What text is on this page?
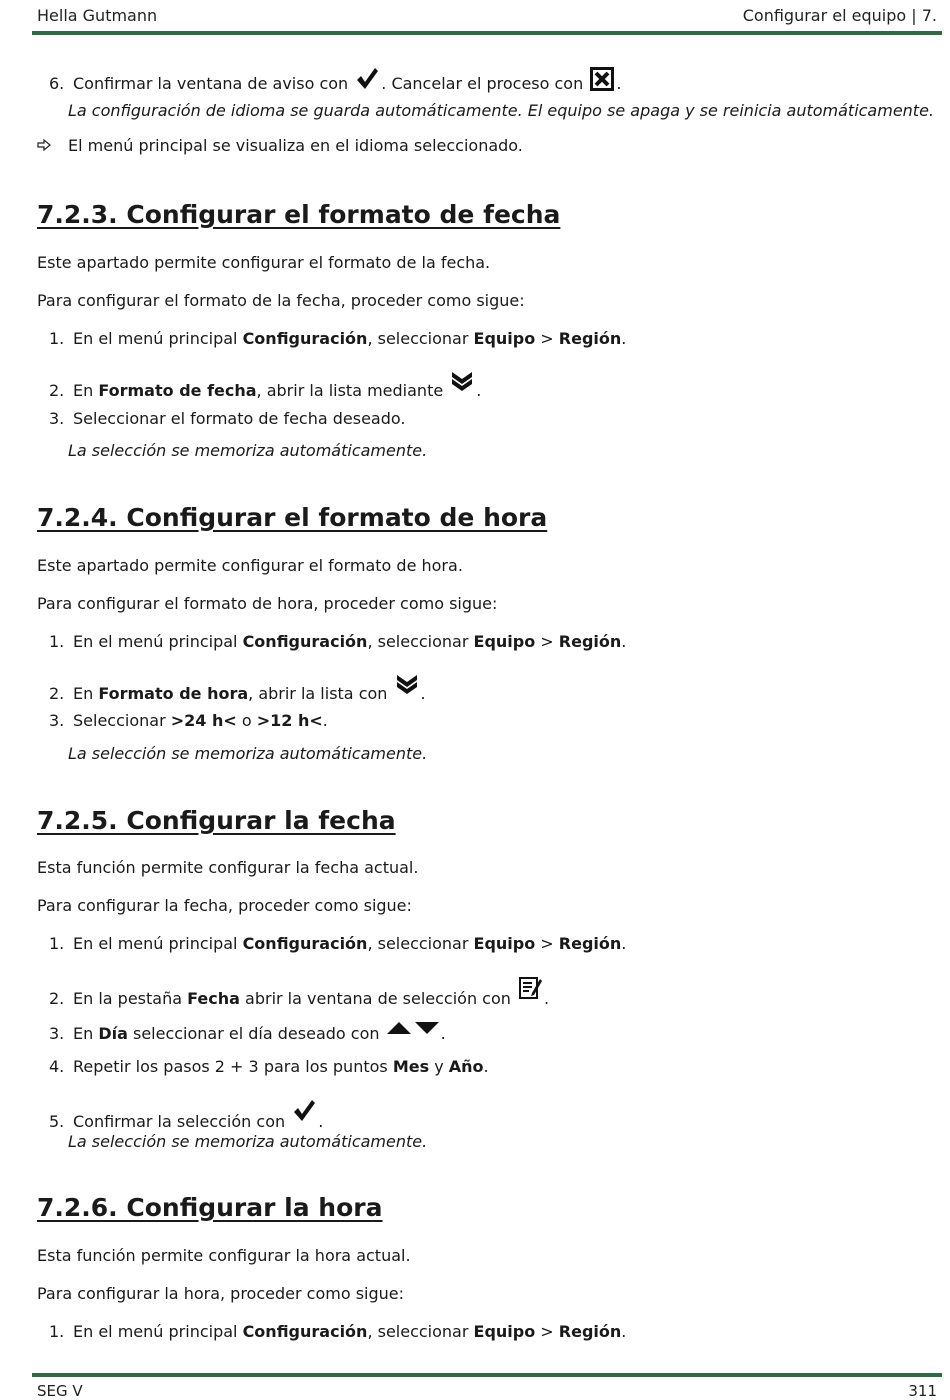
Hella Gutmann	Configurar el equipo | 7.
SEG V	311
6. Confirmar la ventana de aviso con . Cancelar el proceso con .
La configuración de idioma se guarda automáticamente. El equipo se apaga y se reinicia automáticamente.
El menú principal se visualiza en el idioma seleccionado.
7.2.3. Configurar el formato de fecha
Este apartado permite configurar el formato de la fecha.
Para configurar el formato de la fecha, proceder como sigue:
1. En el menú principal Configuración, seleccionar Equipo > Región.
2. En Formato de fecha, abrir la lista mediante .
3. Seleccionar el formato de fecha deseado.
La selección se memoriza automáticamente.
7.2.4. Configurar el formato de hora
Este apartado permite configurar el formato de hora.
Para configurar el formato de hora, proceder como sigue:
1. En el menú principal Configuración, seleccionar Equipo > Región.
2. En Formato de hora, abrir la lista con .
3. Seleccionar >24 h< o >12 h<.
La selección se memoriza automáticamente.
7.2.5. Configurar la fecha
Esta función permite configurar la fecha actual.
Para configurar la fecha, proceder como sigue:
1. En el menú principal Configuración, seleccionar Equipo > Región.
2. En la pestaña Fecha abrir la ventana de selección con .
3. En Día seleccionar el día deseado con	.
4. Repetir los pasos 2 + 3 para los puntos Mes y Año.
5. Confirmar la selección con .
La selección se memoriza automáticamente.
7.2.6. Configurar la hora
Esta función permite configurar la hora actual.
Para configurar la hora, proceder como sigue:
1. En el menú principal Configuración, seleccionar Equipo > Región.
